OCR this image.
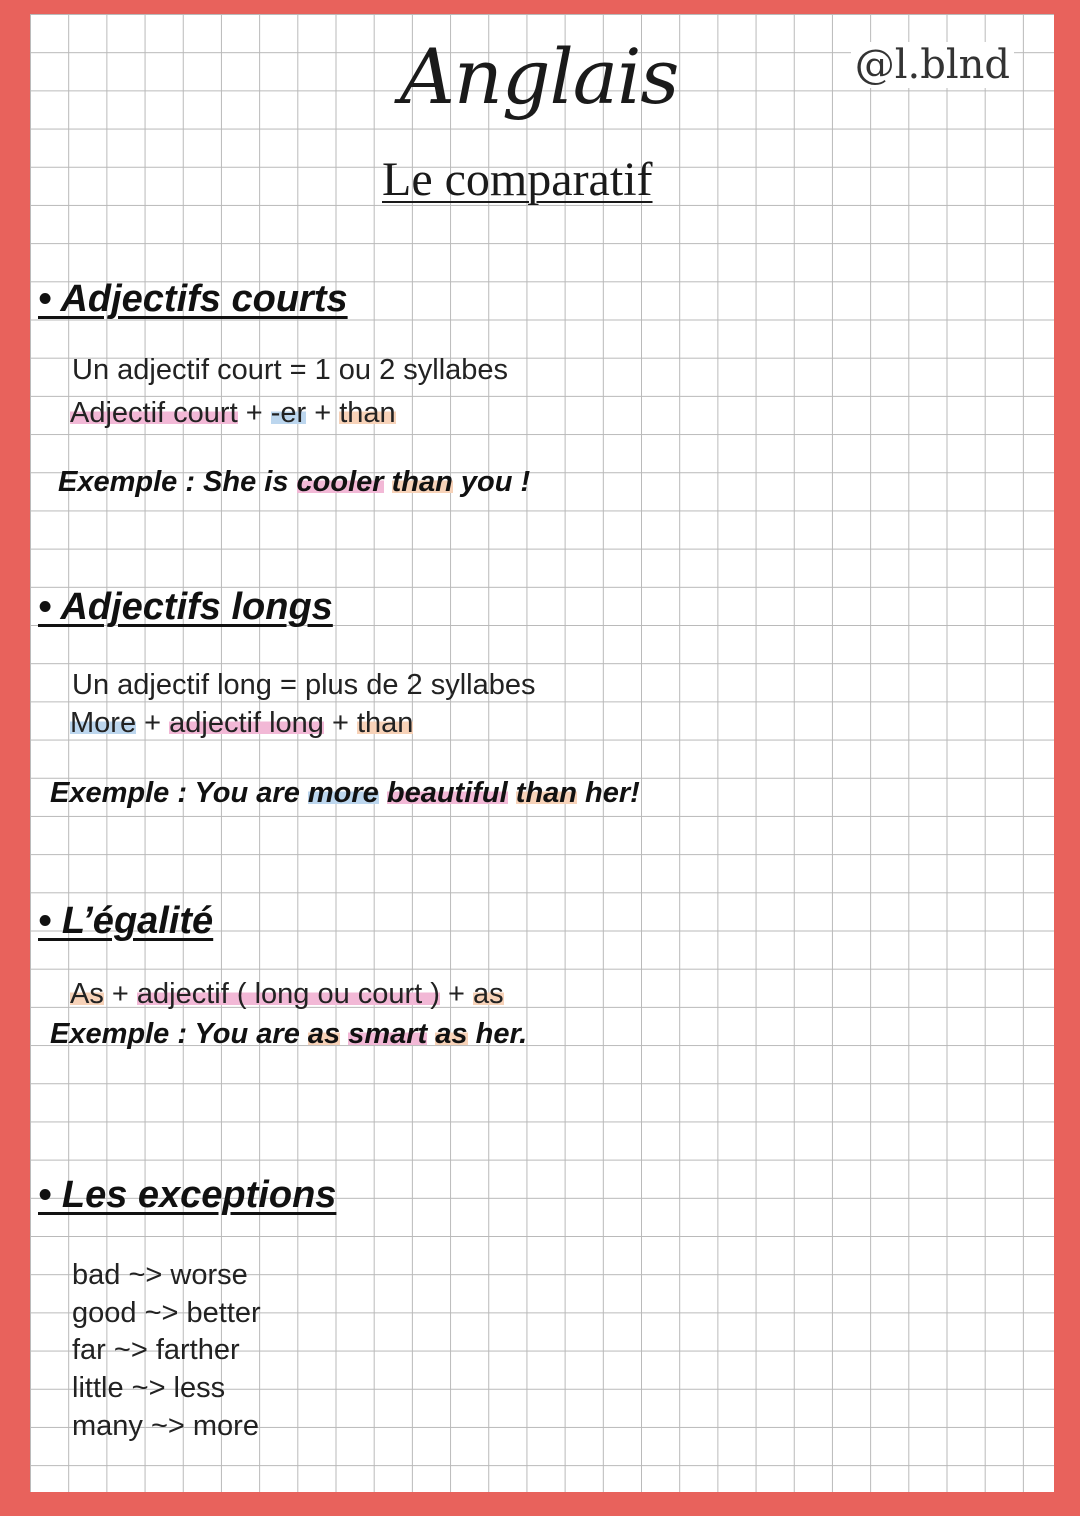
@l.blnd
Anglais
Le comparatif
• Adjectifs courts
Un adjectif court = 1 ou 2 syllabes
Adjectif court + -er + than
Exemple : She is cooler than you !
• Adjectifs longs
Un adjectif long = plus de 2 syllabes
More + adjectif long + than
Exemple : You are more beautiful than her!
• L’égalité
As + adjectif ( long ou court ) + as
Exemple : You are as smart as her.
• Les exceptions
bad ~> worse
good ~> better
far ~> farther
little ~> less
many ~> more
